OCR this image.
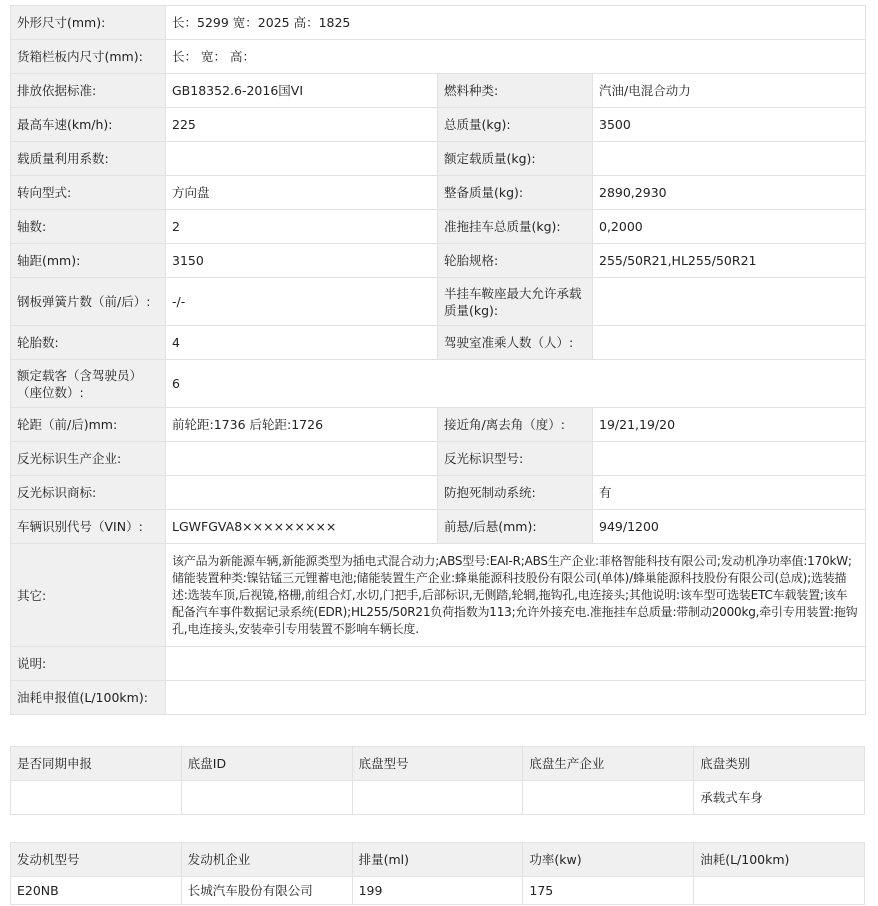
外形尺寸(mm):	长：5299 宽：2025 高：1825		
货箱栏板内尺寸(mm):	长： 宽： 高：		
排放依据标准:	GB18352.6-2016国VI	燃料种类:	汽油/电混合动力
最高车速(km/h):	225	总质量(kg):	3500
载质量利用系数:		额定载质量(kg):	
转向型式:	方向盘	整备质量(kg):	2890,2930
轴数:	2	准拖挂车总质量(kg):	0,2000
轴距(mm):	3150	轮胎规格:	255/50R21,HL255/50R21
钢板弹簧片数（前/后）:	-/-	半挂车鞍座最大允许承载质量(kg):	
轮胎数:	4	驾驶室准乘人数（人）:	
额定载客（含驾驶员）（座位数）:	6		
轮距（前/后)mm:	前轮距:1736 后轮距:1726	接近角/离去角（度）:	19/21,19/20
反光标识生产企业:		反光标识型号:	
反光标识商标:		防抱死制动系统:	有
车辆识别代号（VIN）:	LGWFGVA8×××××××××	前悬/后悬(mm):	949/1200
其它:	该产品为新能源车辆,新能源类型为插电式混合动力;ABS型号:EAI-R;ABS生产企业:菲格智能科技有限公司;发动机净功率值:170kW;储能装置种类:镍钴锰三元锂蓄电池;储能装置生产企业:蜂巢能源科技股份有限公司(单体)/蜂巢能源科技股份有限公司(总成);选装描述:选装车顶,后视镜,格栅,前组合灯,水切,门把手,后部标识,无侧踏,轮辋,拖钩孔,电连接头;其他说明:该车型可选装ETC车载装置;该车配备汽车事件数据记录系统(EDR);HL255/50R21负荷指数为113;允许外接充电.准拖挂车总质量:带制动2000kg,牵引专用装置:拖钩孔,电连接头,安装牵引专用装置不影响车辆长度.		
说明:			
油耗申报值(L/100km):			
是否同期申报	底盘ID	底盘型号	底盘生产企业	底盘类别
				承载式车身
发动机型号	发动机企业	排量(ml)	功率(kw)	油耗(L/100km)
E20NB	长城汽车股份有限公司	199	175	
